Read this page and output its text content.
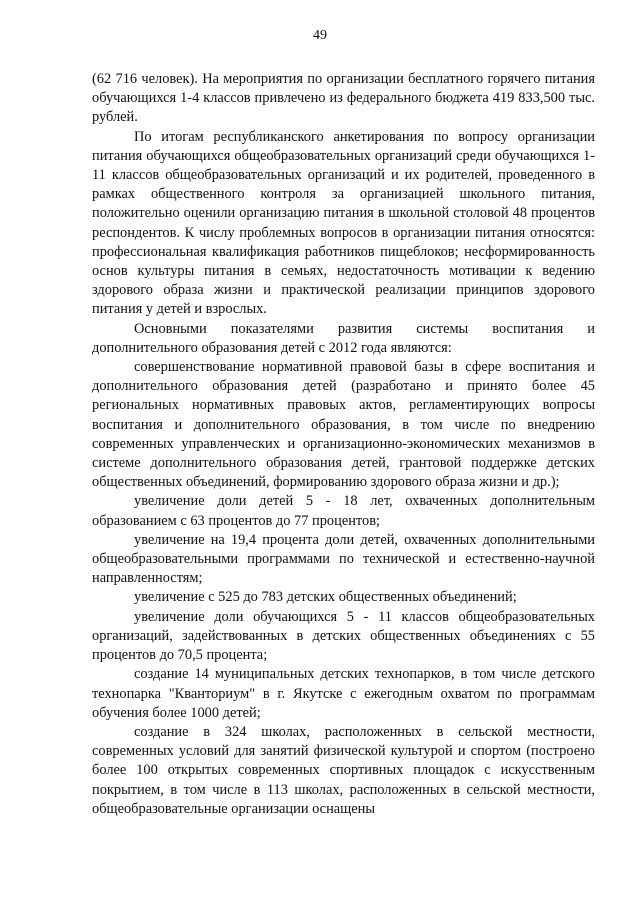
49

(62 716 человек). На мероприятия по организации бесплатного горячего питания обучающихся 1-4 классов привлечено из федерального бюджета 419 833,500 тыс. рублей.

По итогам республиканского анкетирования по вопросу организации питания обучающихся общеобразовательных организаций среди обучающихся 1-11 классов общеобразовательных организаций и их родителей, проведенного в рамках общественного контроля за организацией школьного питания, положительно оценили организацию питания в школьной столовой 48 процентов респондентов. К числу проблемных вопросов в организации питания относятся: профессиональная квалификация работников пищеблоков; несформированность основ культуры питания в семьях, недостаточность мотивации к ведению здорового образа жизни и практической реализации принципов здорового питания у детей и взрослых.

Основными показателями развития системы воспитания и дополнительного образования детей с 2012 года являются:

совершенствование нормативной правовой базы в сфере воспитания и дополнительного образования детей (разработано и принято более 45 региональных нормативных правовых актов, регламентирующих вопросы воспитания и дополнительного образования, в том числе по внедрению современных управленческих и организационно-экономических механизмов в системе дополнительного образования детей, грантовой поддержке детских общественных объединений, формированию здорового образа жизни и др.);

увеличение доли детей 5 - 18 лет, охваченных дополнительным образованием с 63 процентов до 77 процентов;

увеличение на 19,4 процента доли детей, охваченных дополнительными общеобразовательными программами по технической и естественно-научной направленностям;

увеличение с 525 до 783 детских общественных объединений;

увеличение доли обучающихся 5 - 11 классов общеобразовательных организаций, задействованных в детских общественных объединениях с 55 процентов до 70,5 процента;

создание 14 муниципальных детских технопарков, в том числе детского технопарка "Кванториум" в г. Якутске с ежегодным охватом по программам обучения более 1000 детей;

создание в 324 школах, расположенных в сельской местности, современных условий для занятий физической культурой и спортом (построено более 100 открытых современных спортивных площадок с искусственным покрытием, в том числе в 113 школах, расположенных в сельской местности, общеобразовательные организации оснащены
